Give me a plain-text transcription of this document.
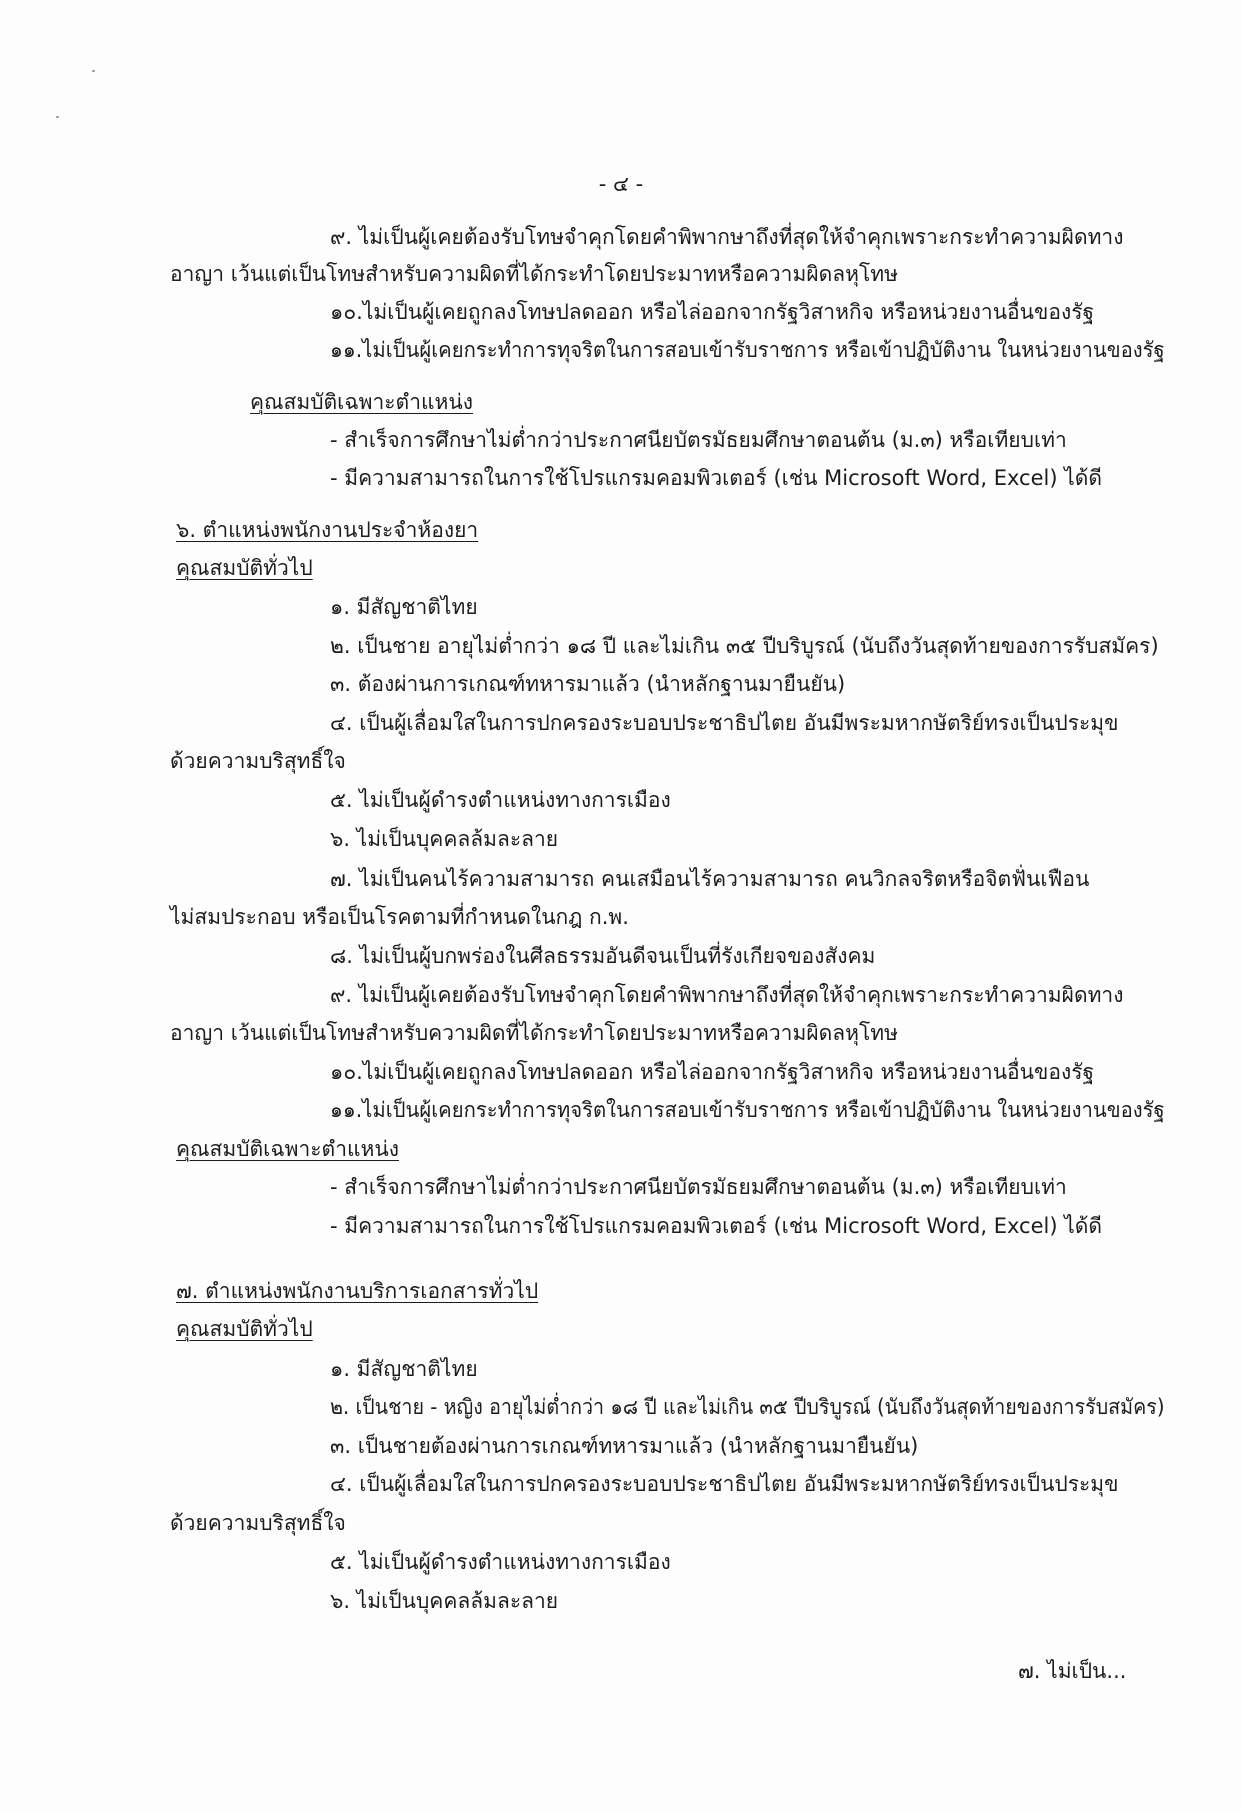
- ๔ -
๙. ไม่เป็นผู้เคยต้องรับโทษจำคุกโดยคำพิพากษาถึงที่สุดให้จำคุกเพราะกระทำความผิดทาง
อาญา เว้นแต่เป็นโทษสำหรับความผิดที่ได้กระทำโดยประมาทหรือความผิดลหุโทษ
๑๐.ไม่เป็นผู้เคยถูกลงโทษปลดออก หรือไล่ออกจากรัฐวิสาหกิจ หรือหน่วยงานอื่นของรัฐ
๑๑.ไม่เป็นผู้เคยกระทำการทุจริตในการสอบเข้ารับราชการ หรือเข้าปฏิบัติงาน ในหน่วยงานของรัฐ
คุณสมบัติเฉพาะตำแหน่ง
- สำเร็จการศึกษาไม่ต่ำกว่าประกาศนียบัตรมัธยมศึกษาตอนต้น (ม.๓) หรือเทียบเท่า
- มีความสามารถในการใช้โปรแกรมคอมพิวเตอร์ (เช่น Microsoft Word, Excel) ได้ดี
๖. ตำแหน่งพนักงานประจำห้องยา
คุณสมบัติทั่วไป
๑. มีสัญชาติไทย
๒. เป็นชาย อายุไม่ต่ำกว่า ๑๘ ปี และไม่เกิน ๓๕ ปีบริบูรณ์ (นับถึงวันสุดท้ายของการรับสมัคร)
๓. ต้องผ่านการเกณฑ์ทหารมาแล้ว (นำหลักฐานมายืนยัน)
๔. เป็นผู้เลื่อมใสในการปกครองระบอบประชาธิปไตย อันมีพระมหากษัตริย์ทรงเป็นประมุข
ด้วยความบริสุทธิ์ใจ
๕. ไม่เป็นผู้ดำรงตำแหน่งทางการเมือง
๖. ไม่เป็นบุคคลล้มละลาย
๗. ไม่เป็นคนไร้ความสามารถ คนเสมือนไร้ความสามารถ คนวิกลจริตหรือจิตฟั่นเฟือน
ไม่สมประกอบ หรือเป็นโรคตามที่กำหนดในกฎ ก.พ.
๘. ไม่เป็นผู้บกพร่องในศีลธรรมอันดีจนเป็นที่รังเกียจของสังคม
๙. ไม่เป็นผู้เคยต้องรับโทษจำคุกโดยคำพิพากษาถึงที่สุดให้จำคุกเพราะกระทำความผิดทาง
อาญา เว้นแต่เป็นโทษสำหรับความผิดที่ได้กระทำโดยประมาทหรือความผิดลหุโทษ
๑๐.ไม่เป็นผู้เคยถูกลงโทษปลดออก หรือไล่ออกจากรัฐวิสาหกิจ หรือหน่วยงานอื่นของรัฐ
๑๑.ไม่เป็นผู้เคยกระทำการทุจริตในการสอบเข้ารับราชการ หรือเข้าปฏิบัติงาน ในหน่วยงานของรัฐ
คุณสมบัติเฉพาะตำแหน่ง
- สำเร็จการศึกษาไม่ต่ำกว่าประกาศนียบัตรมัธยมศึกษาตอนต้น (ม.๓) หรือเทียบเท่า
- มีความสามารถในการใช้โปรแกรมคอมพิวเตอร์ (เช่น Microsoft Word, Excel) ได้ดี
๗. ตำแหน่งพนักงานบริการเอกสารทั่วไป
คุณสมบัติทั่วไป
๑. มีสัญชาติไทย
๒. เป็นชาย - หญิง อายุไม่ต่ำกว่า ๑๘ ปี และไม่เกิน ๓๕ ปีบริบูรณ์ (นับถึงวันสุดท้ายของการรับสมัคร)
๓. เป็นชายต้องผ่านการเกณฑ์ทหารมาแล้ว (นำหลักฐานมายืนยัน)
๔. เป็นผู้เลื่อมใสในการปกครองระบอบประชาธิปไตย อันมีพระมหากษัตริย์ทรงเป็นประมุข
ด้วยความบริสุทธิ์ใจ
๕. ไม่เป็นผู้ดำรงตำแหน่งทางการเมือง
๖. ไม่เป็นบุคคลล้มละลาย
๗. ไม่เป็น...
